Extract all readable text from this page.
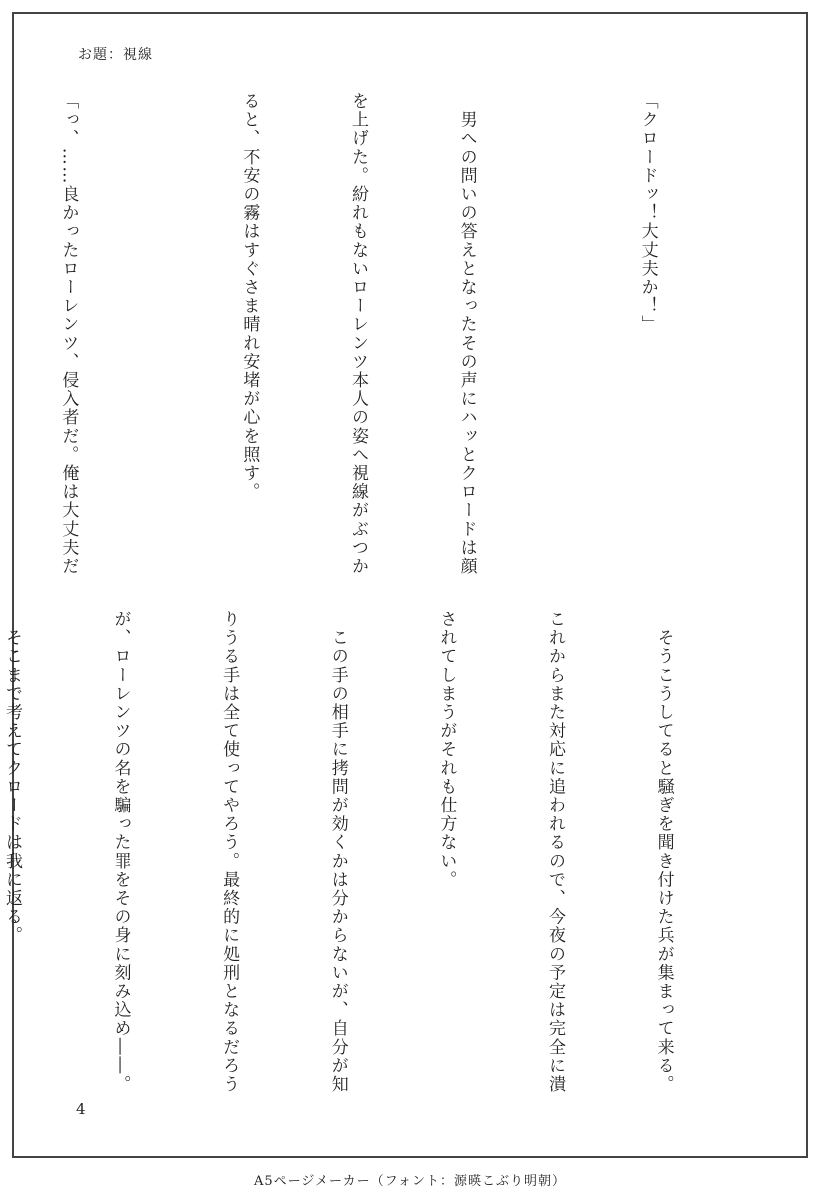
お題：視線

「クロードッ！大丈夫か！」

　男への問いの答えとなったその声にハッとクロードは顔

を上げた。紛れもないローレンツ本人の姿へ視線がぶつか

ると、不安の霧はすぐさま晴れ安堵が心を照す。

「っ、……良かったローレンツ、侵入者だ。俺は大丈夫だ

　そうこうしてると騒ぎを聞き付けた兵が集まって来る。

これからまた対応に追われるので、今夜の予定は完全に潰

されてしまうがそれも仕方ない。

　この手の相手に拷問が効くかは分からないが、自分が知

りうる手は全て使ってやろう。最終的に処刑となるだろう

が、ローレンツの名を騙った罪をその身に刻み込め――。

　そこまで考えてクロードは我に返る。

4
A5ページメーカー（フォント：源暎こぶり明朝）
